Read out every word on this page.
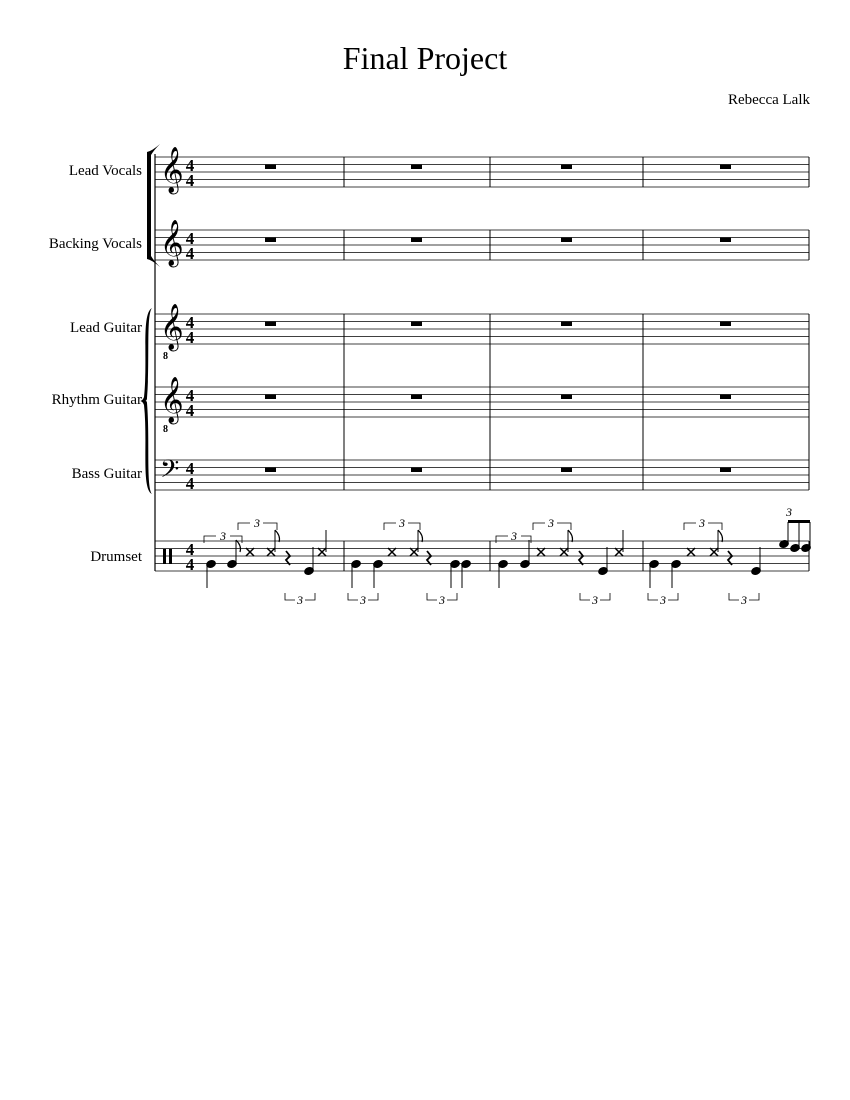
Final Project
Rebecca Lalk
Lead Vocals
Backing Vocals
Lead Guitar
Rhythm Guitar
Bass Guitar
Drumset
𝄞
𝄞
𝄞
8
𝄞
8
𝄢
4
4
4
4
4
4
4
4
4
4
4
4
3
3
3	3
3
3
3
3
3	3
3
3
3
